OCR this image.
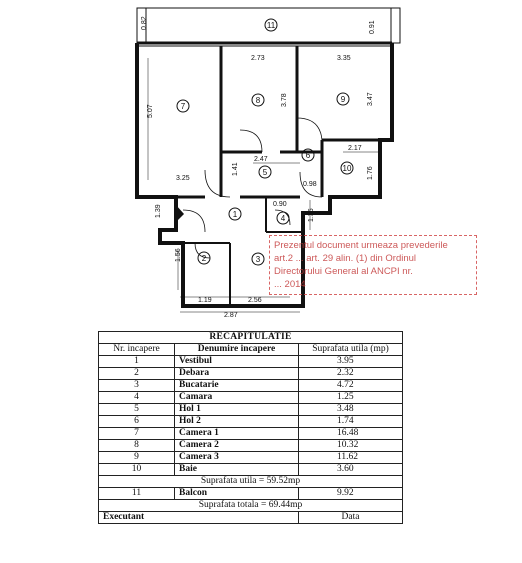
7
8	9
1
2	3
4
5
6
10
11
0.82	0.91
2.73	3.35
5.07
3.78	3.47
2.17
2.47
1.41
3.25
0.98
1.76
0.90
1.39	1.35
1.56
1.19	2.56
2.87
Prezentul document urmeaza prevederile
art.2 ... art. 29 alin. (1) din Ordinul
Directorului General al ANCPI nr.
... 2014
RECAPITULATIE		
Nr. incapere	Denumire incapere	Suprafata utila (mp)
1	Vestibul	3.95
2	Debara	2.32
3	Bucatarie	4.72
4	Camara	1.25
5	Hol 1	3.48
6	Hol 2	1.74
7	Camera 1	16.48
8	Camera 2	10.32
9	Camera 3	11.62
10	Baie	3.60
Suprafata utila = 59.52mp		
11	Balcon	9.92
Suprafata totala = 69.44mp		
Executant		Data
